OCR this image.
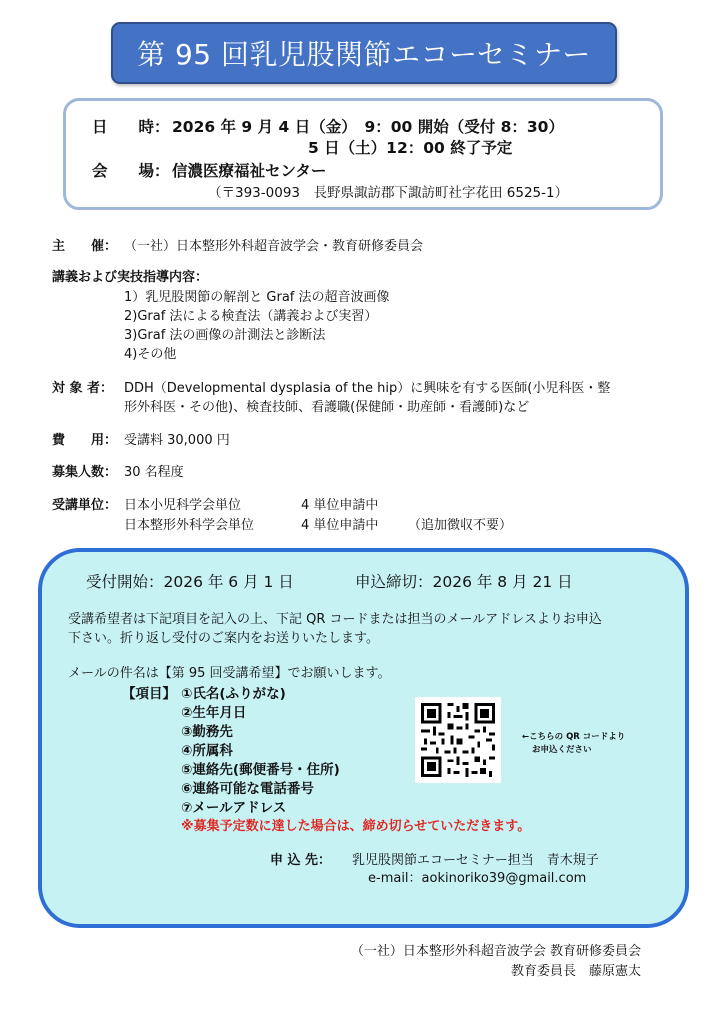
第 95 回乳児股関節エコーセミナー
日　　時： 2026 年 9 月 4 日（金）　9：00 開始（受付 8：30）
5 日（土）12：00 終了予定
会　　場： 信濃医療福祉センター
（〒393-0093　長野県諏訪郡下諏訪町社字花田 6525-1）
主　　催： （一社）日本整形外科超音波学会・教育研修委員会
講義および実技指導内容：
1）乳児股関節の解剖と Graf 法の超音波画像
2)Graf 法による検査法（講義および実習）
3)Graf 法の画像の計測法と診断法
4)その他
対 象 者： DDH（Developmental dysplasia of the hip）に興味を有する医師(小児科医・整
形外科医・その他)、検査技師、看護職(保健師・助産師・看護師)など
費　　用： 受講料 30,000 円
募集人数： 30 名程度
受講単位： 日本小児科学会単位	4 単位申請中
日本整形外科学会単位	4 単位申請中 （追加徴収不要）
受付開始：2026 年 6 月 1 日	申込締切：2026 年 8 月 21 日
受講希望者は下記項目を記入の上、下記 QR コードまたは担当のメールアドレスよりお申込
下さい。折り返し受付のご案内をお送りいたします。
メールの件名は【第 95 回受講希望】でお願いします。
【項目】 ①氏名(ふりがな)
②生年月日
③勤務先
④所属科
⑤連絡先(郵便番号・住所)
⑥連絡可能な電話番号
⑦メールアドレス
※募集予定数に達した場合は、締め切らせていただきます。
←こちらの QR コードより
お申込ください
申 込 先： 乳児股関節エコーセミナー担当　青木規子
e-mail：aokinoriko39@gmail.com
（一社）日本整形外科超音波学会 教育研修委員会
教育委員長　藤原憲太
